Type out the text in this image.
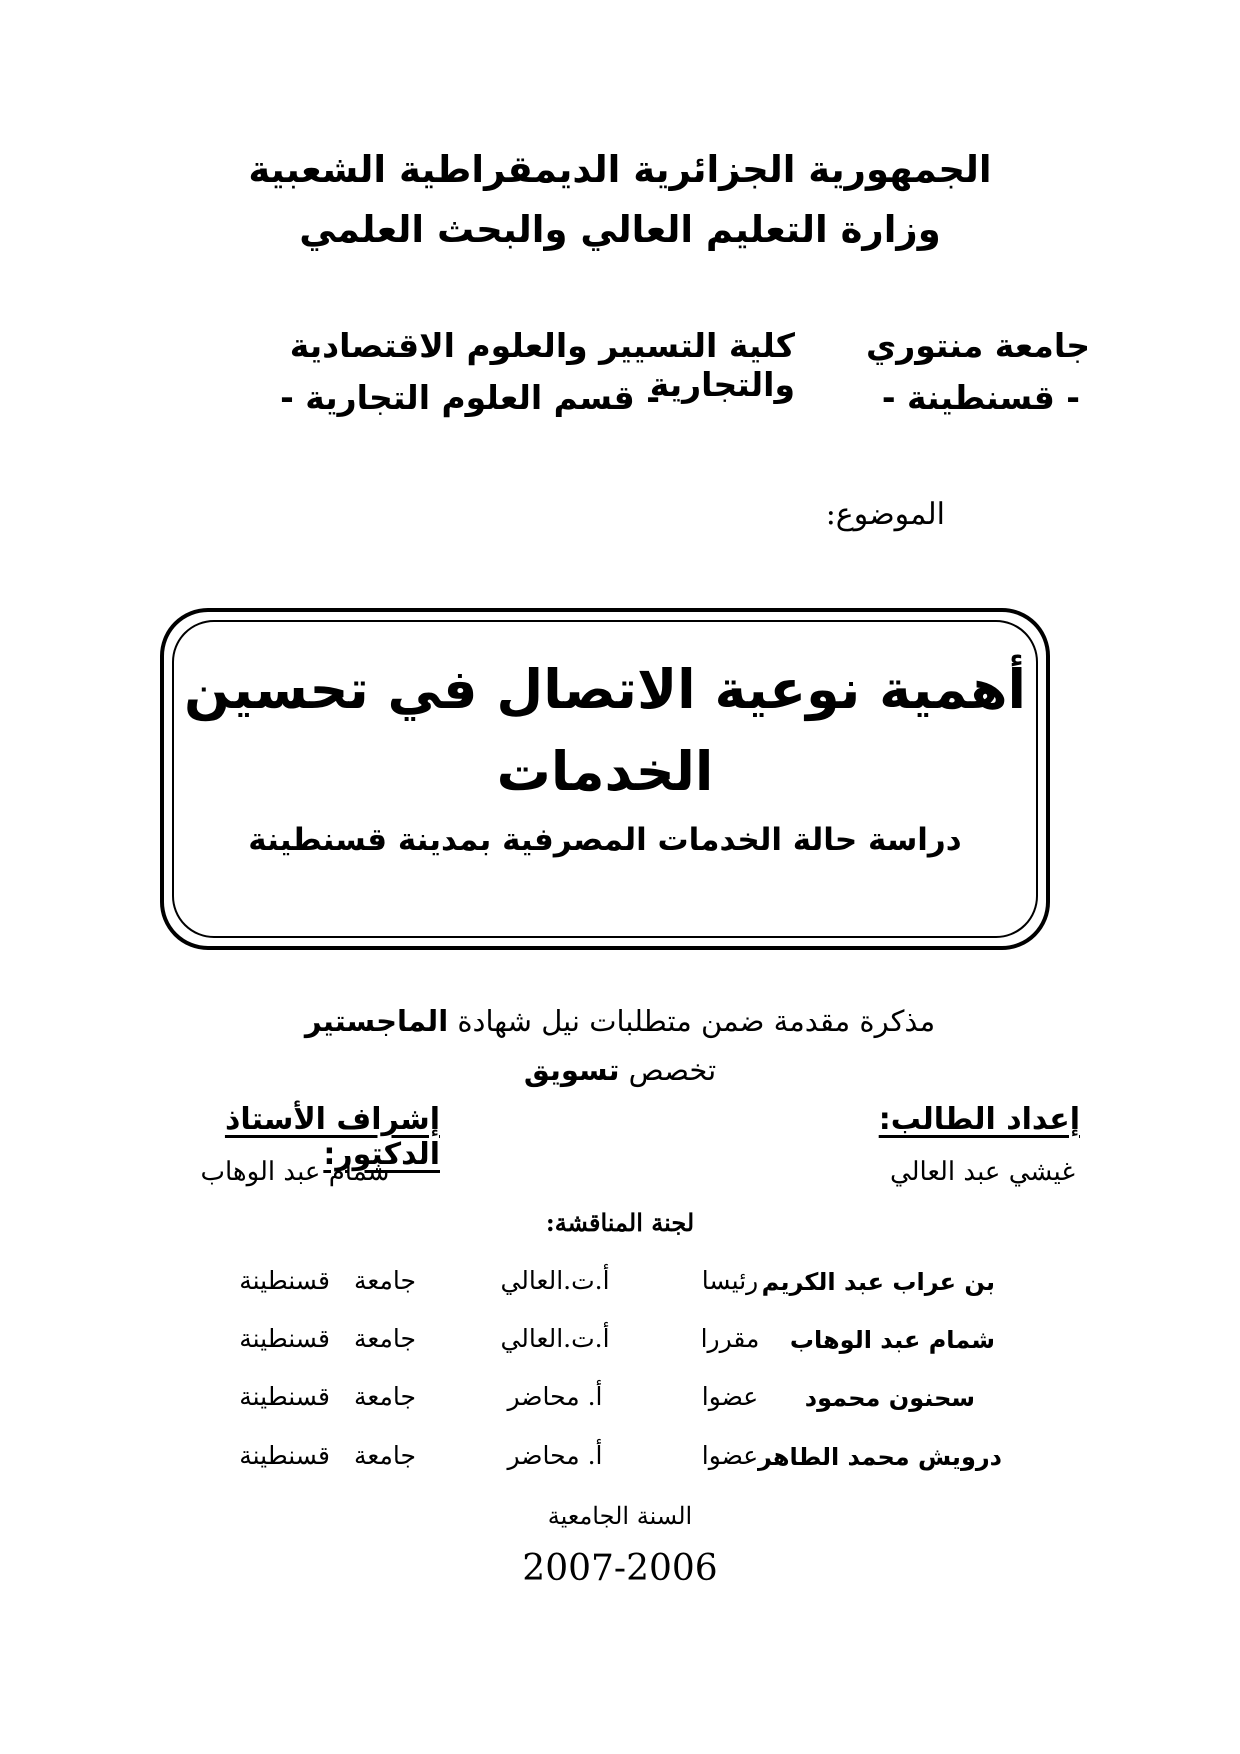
الجمهورية الجزائرية الديمقراطية الشعبية
وزارة التعليم العالي والبحث العلمي
جامعة منتوري
- قسنطينة -
كلية التسيير والعلوم الاقتصادية والتجارية
- قسم العلوم التجارية -
الموضوع:
أهمية نوعية الاتصال في تحسين
الخدمات
دراسة حالة الخدمات المصرفية بمدينة قسنطينة
مذكرة مقدمة ضمن متطلبات نيل شهادة الماجستير
تخصص تسويق
إعداد الطالب:
غيشي عبد العالي
إشراف الأستاذ الدكتور:
شمام عبد الوهاب
لجنة المناقشة:
بن عراب عبد الكريم
رئيسا
أ.ت.العالي
جامعة
قسنطينة
شمام عبد الوهاب
مقررا
أ.ت.العالي
جامعة
قسنطينة
سحنون محمود
عضوا
أ. محاضر
جامعة
قسنطينة
درويش محمد الطاهر
عضوا
أ. محاضر
جامعة
قسنطينة
السنة الجامعية
2007-2006
